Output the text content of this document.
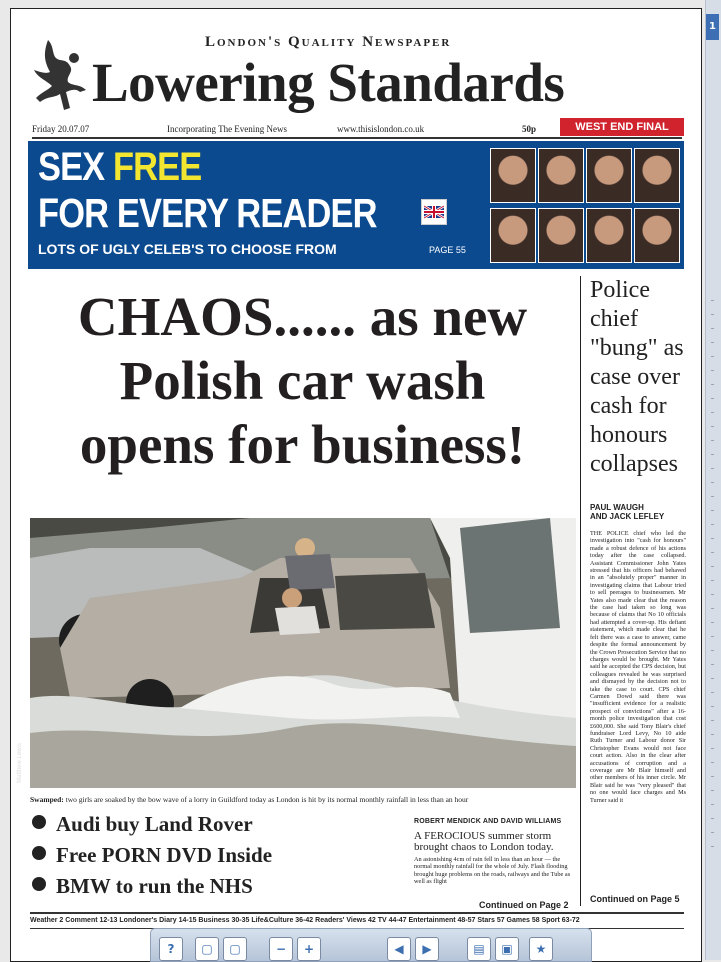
1
London's Quality Newspaper
Lowering Standards
Friday 20.07.07	Incorporating The Evening News	www.thisislondon.co.uk	50p	WEST END FINAL
SEX FREE
FOR EVERY READER
LOTS OF UGLY CELEB'S TO CHOOSE FROM	PAGE 55
CHAOS...... as new
Polish car wash
opens for business!
Police chief "bung" as case over cash for honours collapses
PAUL WAUGH
AND JACK LEFLEY
THE POLICE chief who led the investigation into "cash for honours" made a robust defence of his actions today after the case collapsed. Assistant Commissioner John Yates stressed that his officers had behaved in an "absolutely proper" manner in investigating claims that Labour tried to sell peerages to businessmen. Mr Yates also made clear that the reason the case had taken so long was because of claims that No 10 officials had attempted a cover-up. His defiant statement, which made clear that he felt there was a case to answer, came despite the formal announcement by the Crown Prosecution Service that no charges would be brought. Mr Yates said he accepted the CPS decision, but colleagues revealed he was surprised and dismayed by the decision not to take the case to court. CPS chief Carmen Dowd said there was "insufficient evidence for a realistic prospect of convictions" after a 16-month police investigation that cost £600,000. She said Tony Blair's chief fundraiser Lord Levy, No 10 aide Ruth Turner and Labour donor Sir Christopher Evans would not face court action. Also in the clear after accusations of corruption and a coverage are Mr Blair himself and other members of his inner circle. Mr Blair said he was "very pleased" that no one would face charges and Ms Turner said it
Continued on Page 5
Matthew Lewis
Swamped: two girls are soaked by the bow wave of a lorry in Guildford today as London is hit by its normal monthly rainfall in less than an hour
Audi buy Land Rover
Free PORN DVD Inside
BMW to run the NHS
ROBERT MENDICK AND DAVID WILLIAMS
A FEROCIOUS summer storm brought chaos to London today.
An astonishing 4cm of rain fell in less than an hour — the normal monthly rainfall for the whole of July. Flash flooding brought huge problems on the roads, railways and the Tube as well as flight
Continued on Page 2
Weather 2 Comment 12-13 Londoner's Diary 14-15 Business 30-35 Life&Culture 36-42 Readers' Views 42 TV 44-47 Entertainment 48-57 Stars 57 Games 58 Sport 63-72
?	▢	▢	−	+	◀	▶	▤	▣	★
